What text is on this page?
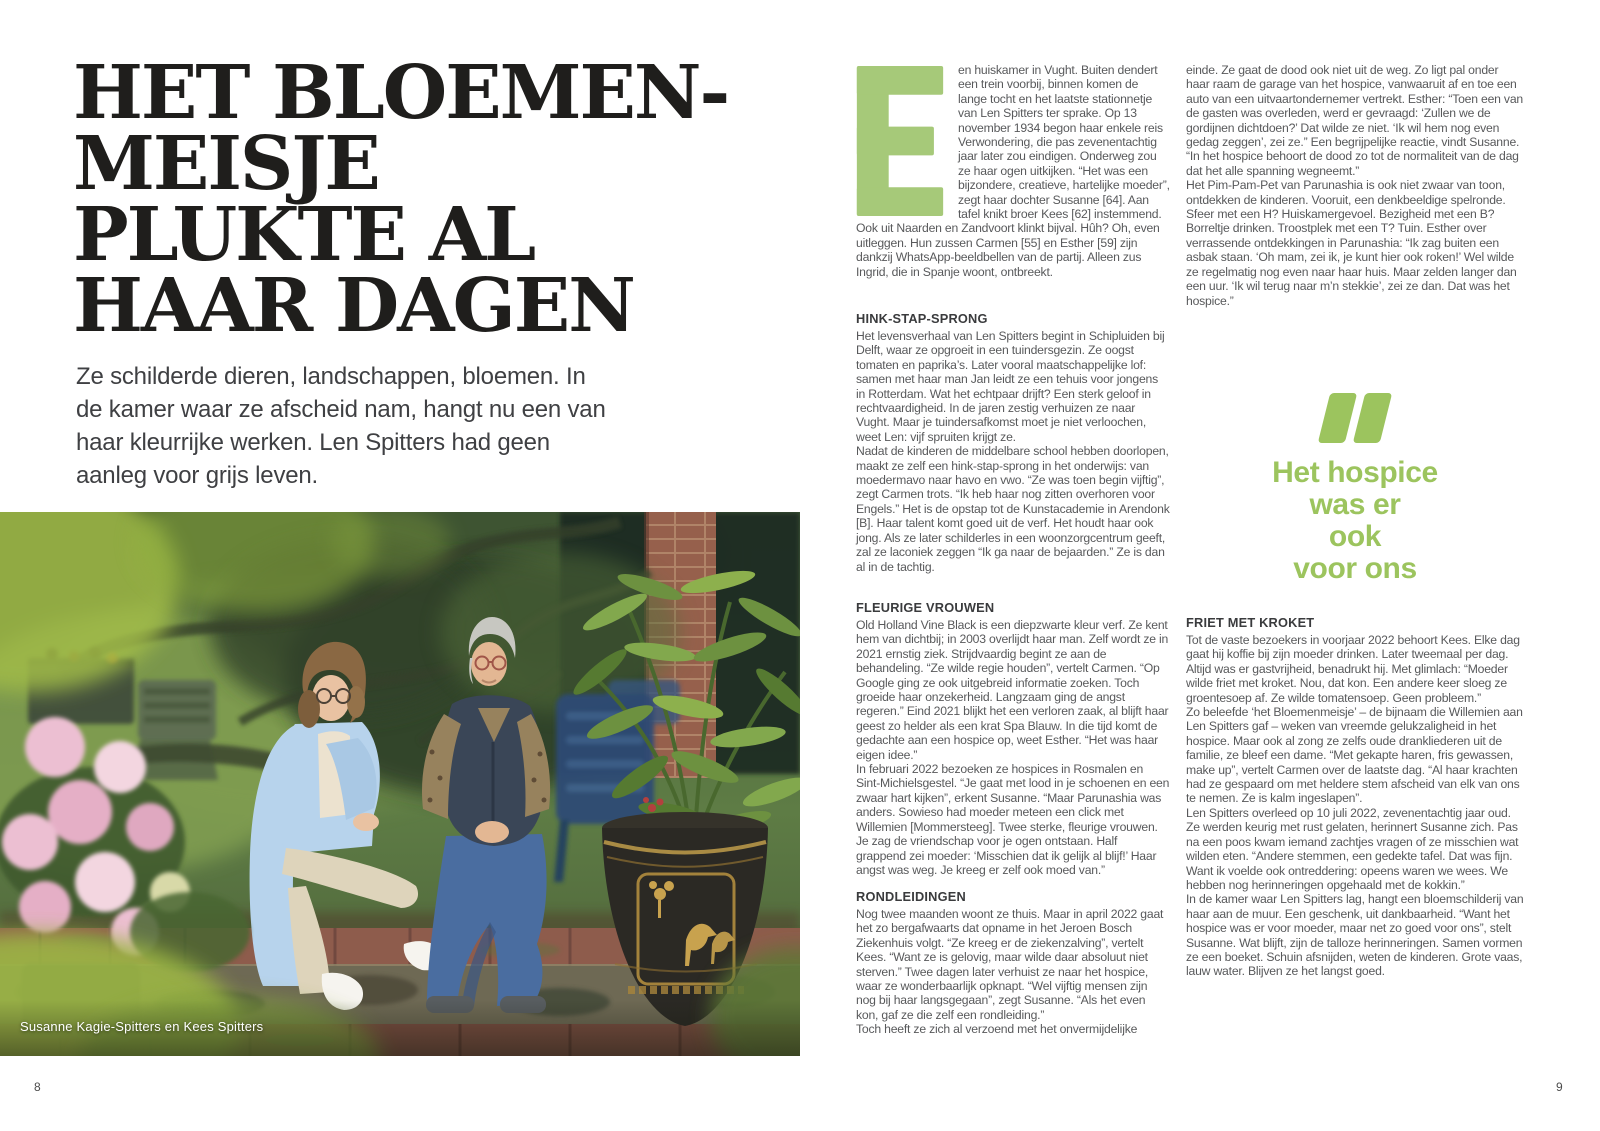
HET BLOEMEN-
MEISJE
PLUKTE AL
HAAR DAGEN

Ze schilderde dieren, landschappen, bloemen. In de kamer waar ze afscheid nam, hangt nu een van haar kleurrijke werken. Len Spitters had geen aanleg voor grijs leven.

Susanne Kagie-Spitters en Kees Spitters
8

en huiskamer in Vught. Buiten dendert een trein voorbij, binnen komen de lange tocht en het laatste stationnetje van Len Spitters ter sprake. Op 13 november 1934 begon haar enkele reis Verwondering, die pas zevenentachtig jaar later zou eindigen. Onderweg zou ze haar ogen uitkijken. “Het was een bijzondere, creatieve, hartelijke moeder”, zegt haar dochter Susanne [64]. Aan tafel knikt broer Kees [62] instemmend. Ook uit Naarden en Zandvoort klinkt bijval. Hûh? Oh, even uitleggen. Hun zussen Carmen [55] en Esther [59] zijn dankzij WhatsApp-beeldbellen van de partij. Alleen zus Ingrid, die in Spanje woont, ontbreekt.

HINK-STAP-SPRONG

Het levensverhaal van Len Spitters begint in Schipluiden bij Delft, waar ze opgroeit in een tuindersgezin. Ze oogst tomaten en paprika’s. Later vooral maatschappelijke lof: samen met haar man Jan leidt ze een tehuis voor jongens in Rotterdam. Wat het echtpaar drijft? Een sterk geloof in rechtvaardigheid. In de jaren zestig verhuizen ze naar Vught. Maar je tuindersafkomst moet je niet verloochen, weet Len: vijf spruiten krijgt ze.

Nadat de kinderen de middelbare school hebben doorlopen, maakt ze zelf een hink-stap-sprong in het onderwijs: van moedermavo naar havo en vwo. “Ze was toen begin vijftig”, zegt Carmen trots. “Ik heb haar nog zitten overhoren voor Engels.” Het is de opstap tot de Kunstacademie in Arendonk [B]. Haar talent komt goed uit de verf. Het houdt haar ook jong. Als ze later schilderles in een woonzorgcentrum geeft, zal ze laconiek zeggen “Ik ga naar de bejaarden.” Ze is dan al in de tachtig.

FLEURIGE VROUWEN

Old Holland Vine Black is een diepzwarte kleur verf. Ze kent hem van dichtbij; in 2003 overlijdt haar man. Zelf wordt ze in 2021 ernstig ziek. Strijdvaardig begint ze aan de behandeling. “Ze wilde regie houden”, vertelt Carmen. “Op Google ging ze ook uitgebreid informatie zoeken. Toch groeide haar onzekerheid. Langzaam ging de angst regeren.” Eind 2021 blijkt het een verloren zaak, al blijft haar geest zo helder als een krat Spa Blauw. In die tijd komt de gedachte aan een hospice op, weet Esther. “Het was haar eigen idee.”

In februari 2022 bezoeken ze hospices in Rosmalen en Sint-Michielsgestel. “Je gaat met lood in je schoenen en een zwaar hart kijken”, erkent Susanne. “Maar Parunashia was anders. Sowieso had moeder meteen een click met Willemien [Mommersteeg]. Twee sterke, fleurige vrouwen. Je zag de vriendschap voor je ogen ontstaan. Half grappend zei moeder: ‘Misschien dat ik gelijk al blijf!’ Haar angst was weg. Je kreeg er zelf ook moed van.”

RONDLEIDINGEN

Nog twee maanden woont ze thuis. Maar in april 2022 gaat het zo bergafwaarts dat opname in het Jeroen Bosch Ziekenhuis volgt. “Ze kreeg er de ziekenzalving”, vertelt Kees. “Want ze is gelovig, maar wilde daar absoluut niet sterven.” Twee dagen later verhuist ze naar het hospice, waar ze wonderbaarlijk opknapt. “Wel vijftig mensen zijn nog bij haar langsgegaan”, zegt Susanne. “Als het even kon, gaf ze die zelf een rondleiding.”

Toch heeft ze zich al verzoend met het onvermijdelijke

einde. Ze gaat de dood ook niet uit de weg. Zo ligt pal onder haar raam de garage van het hospice, vanwaaruit af en toe een auto van een uitvaartondernemer vertrekt. Esther: “Toen een van de gasten was overleden, werd er gevraagd: ‘Zullen we de gordijnen dichtdoen?’ Dat wilde ze niet. ‘Ik wil hem nog even gedag zeggen’, zei ze.” Een begrijpelijke reactie, vindt Susanne. “In het hospice behoort de dood zo tot de normaliteit van de dag dat het alle spanning wegneemt.”

Het Pim-Pam-Pet van Parunashia is ook niet zwaar van toon, ontdekken de kinderen. Vooruit, een denkbeeldige spelronde. Sfeer met een H? Huiskamergevoel. Bezigheid met een B? Borreltje drinken. Troostplek met een T? Tuin. Esther over verrassende ontdekkingen in Parunashia: “Ik zag buiten een asbak staan. ‘Oh mam, zei ik, je kunt hier ook roken!’ Wel wilde ze regelmatig nog even naar haar huis. Maar zelden langer dan een uur. ‘Ik wil terug naar m’n stekkie’, zei ze dan. Dat was het hospice.”

Het hospice
was er
ook
voor ons
FRIET MET KROKET

Tot de vaste bezoekers in voorjaar 2022 behoort Kees. Elke dag gaat hij koffie bij zijn moeder drinken. Later tweemaal per dag. Altijd was er gastvrijheid, benadrukt hij. Met glimlach: “Moeder wilde friet met kroket. Nou, dat kon. Een andere keer sloeg ze groentesoep af. Ze wilde tomatensoep. Geen probleem.”

Zo beleefde ‘het Bloemenmeisje’ – de bijnaam die Willemien aan Len Spitters gaf – weken van vreemde gelukzaligheid in het hospice. Maar ook al zong ze zelfs oude drankliederen uit de familie, ze bleef een dame. “Met gekapte haren, fris gewassen, make up”, vertelt Carmen over de laatste dag. “Al haar krachten had ze gespaard om met heldere stem afscheid van elk van ons te nemen. Ze is kalm ingeslapen”.

Len Spitters overleed op 10 juli 2022, zevenentachtig jaar oud. Ze werden keurig met rust gelaten, herinnert Susanne zich. Pas na een poos kwam iemand zachtjes vragen of ze misschien wat wilden eten. “Andere stemmen, een gedekte tafel. Dat was fijn. Want ik voelde ook ontreddering: opeens waren we wees. We hebben nog herinneringen opgehaald met de kokkin.”

In de kamer waar Len Spitters lag, hangt een bloemschilderij van haar aan de muur. Een geschenk, uit dankbaarheid. “Want het hospice was er voor moeder, maar net zo goed voor ons”, stelt Susanne. Wat blijft, zijn de talloze herinneringen. Samen vormen ze een boeket. Schuin afsnijden, weten de kinderen. Grote vaas, lauw water. Blijven ze het langst goed.

9
